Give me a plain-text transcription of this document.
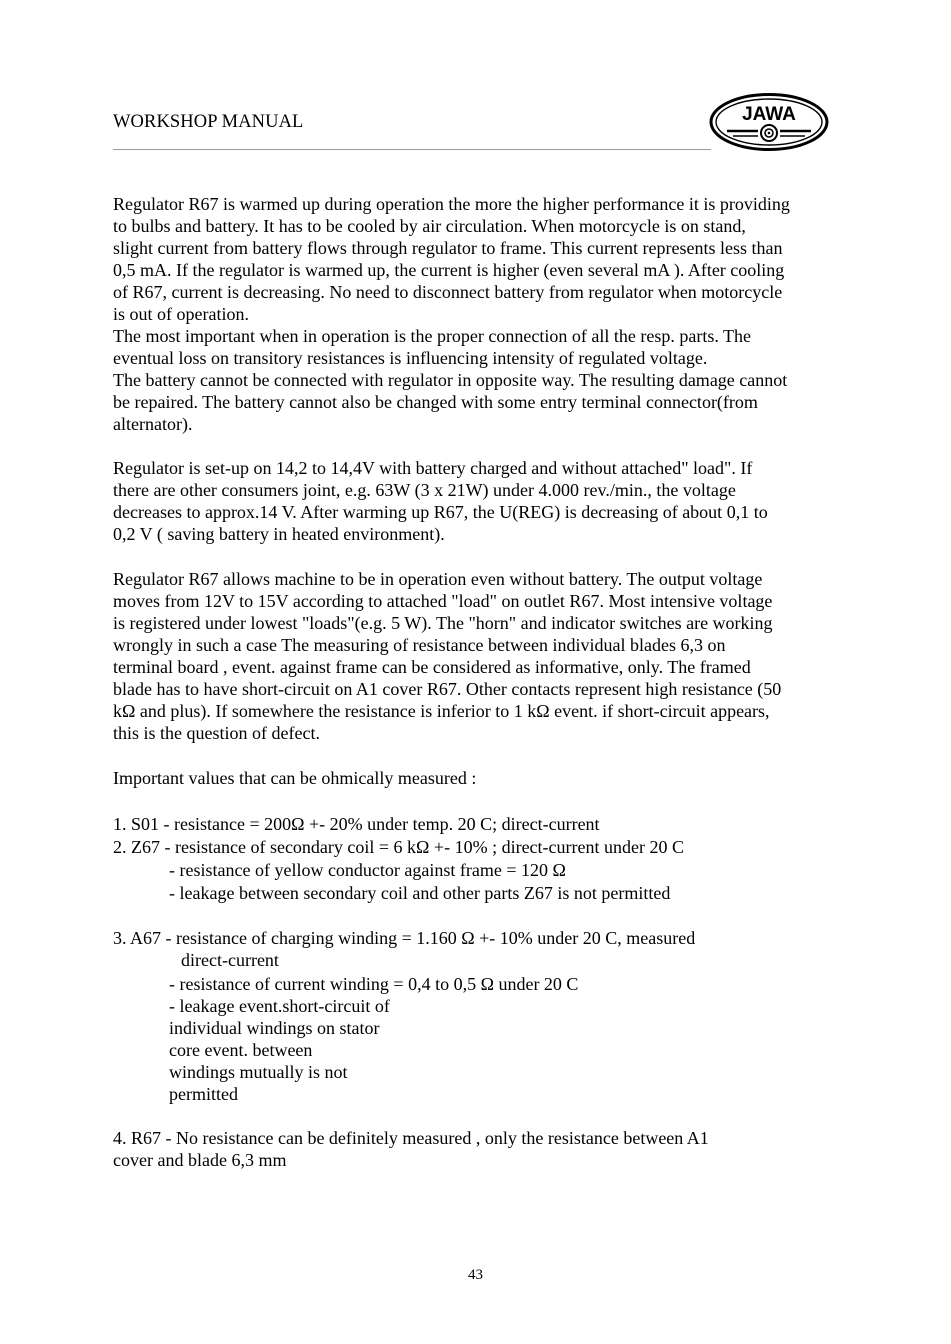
WORKSHOP MANUAL	JAWA
Regulator R67 is warmed up during operation the more the higher performance it is providing
to bulbs and battery. It has to be cooled by air circulation. When motorcycle is on stand,
slight current from battery flows through regulator to frame. This current represents less than
0,5 mA. If the regulator is warmed up, the current is higher (even several mA ). After cooling
of R67, current is decreasing. No need to disconnect battery from regulator when motorcycle
is out of operation.
The most important when in operation is the proper connection of all the resp. parts. The
eventual loss on transitory resistances is influencing intensity of regulated voltage.
The battery cannot be connected with regulator in opposite way. The resulting damage cannot
be repaired. The battery cannot also be changed with some entry terminal connector(from
alternator).
Regulator is set-up on 14,2 to 14,4V with battery charged and without attached" load". If
there are other consumers joint, e.g. 63W (3 x 21W) under 4.000 rev./min., the voltage
decreases to approx.14 V. After warming up R67, the U(REG) is decreasing of about 0,1 to
0,2 V ( saving battery in heated environment).
Regulator R67 allows machine to be in operation even without battery. The output voltage
moves from 12V to 15V according to attached "load" on outlet R67. Most intensive voltage
is registered under lowest "loads"(e.g. 5 W). The "horn" and indicator switches are working
wrongly in such a case The measuring of resistance between individual blades 6,3 on
terminal board , event. against frame can be considered as informative, only. The framed
blade has to have short-circuit on A1 cover R67. Other contacts represent high resistance (50
kΩ and plus). If somewhere the resistance is inferior to 1 kΩ event. if short-circuit appears,
this is the question of defect.
Important values that can be ohmically measured :
1. S01 - resistance = 200Ω +- 20% under temp. 20 C; direct-current
2. Z67 - resistance of secondary coil = 6 kΩ +- 10% ; direct-current under 20 C
- resistance of yellow conductor against frame = 120 Ω
- leakage between secondary coil and other parts Z67 is not permitted
3. A67 - resistance of charging winding = 1.160 Ω +- 10% under 20 C, measured
direct-current
- resistance of current winding = 0,4 to 0,5 Ω under 20 C
- leakage event.short-circuit of
individual windings on stator
core event. between
windings mutually is not
permitted
4. R67 - No resistance can be definitely measured , only the resistance between A1
cover and blade 6,3 mm
43
